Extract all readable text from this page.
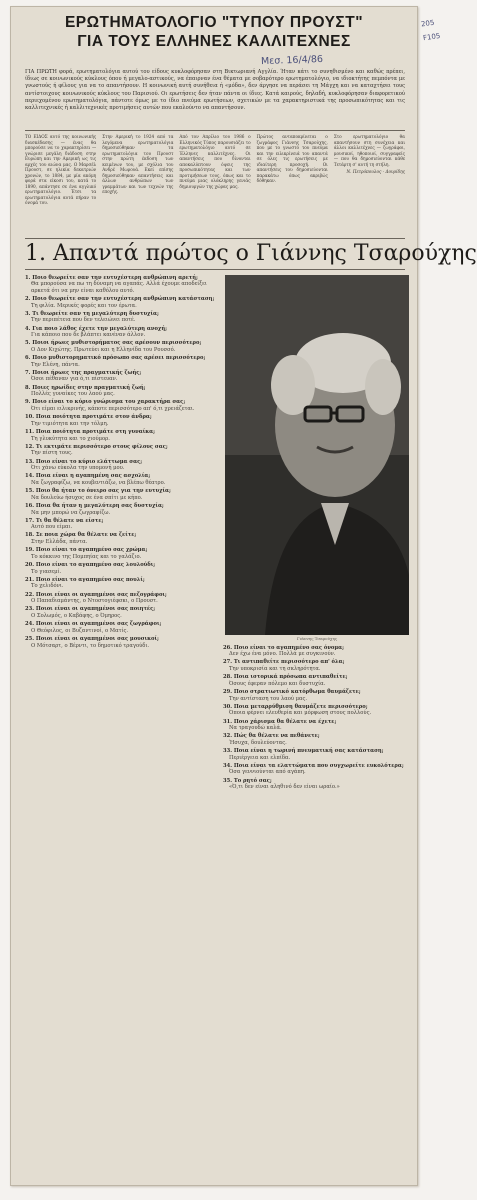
ΕΡΩΤΗΜΑΤΟΛΟΓΙΟ "ΤΥΠΟΥ ΠΡΟΥΣΤ"
ΓΙΑ ΤΟΥΣ ΕΛΛΗΝΕΣ ΚΑΛΛΙΤΕΧΝΕΣ
Μεσ. 16/4/86
ΓΙΑ ΠΡΩΤΗ φορά, ερωτηματολόγια αυτού του είδους κυκλοφόρησαν στη Βικτωριανή Αγγλία. Ήταν κάτι το συνηθισμένο και καθώς πρέπει, ίδιως σε κοινωνικούς κύκλους όπου ή μεγαλο-αστικούς, να έπαιρναν ένα θέματα με σοβαρότερο ερωτηματολόγιο, να ιδιοκτήτης πεμπόντα με γνωστούς ή φίλους για να το απαντήσουν. Η κοινωνική αυτή συνήθεια ή «μόδα», δεν άργησε να περάσει τη Μάγχη και να καταχτήσει τους αντίστοιχους κοινωνικούς κύκλους του Παρισιού. Οι ερωτήσεις δεν ήταν πάντα οι ίδιες. Κατά καιρούς, δηλαδή, κυκλοφόρησαν διαφορετικού περιεχομένου ερωτηματολόγια, πάντοτε όμως με το ίδιο πνεύμα ερωτήσεων, σχετικών με τα χαρακτηριστικά της προσωπικότητας και τις καλλιτεχνικές ή καλλιτεχνικές προτιμήσεις αυτών που εκαλούντο να απαντήσουν.
ΤΟ ΕΙΔΟΣ αυτό της κοινωνικής διασκέδασης — ένας θα μπορούσε να το χαρακτηρίσει — γνώρισε μεγάλη διάδοση στην Ευρώπη και την Αμερική ως τις αρχές του αιώνα μας. Ο Μαρσέλ Προυστ, σε ηλικία δεκατριών χρονών, το 1884, με μία ακόμη φορά στα είκοσι του, κατά το 1890, απάντησε σε ένα αγγλικό ερωτηματολόγιο. Έτσι τα ερωτηματολόγια αυτά πήραν το όνομά του.
Στην Αμερική το 1924 από τα λεγόμενα ερωτηματολόγια δημοσιεύθηκαν τα ερωτηματολόγια του Προυστ στην πρώτη έκδοση των κειμένων του, με σχόλια του Ανδρέ Μωρουά. Εκεί επίσης δημοσιεύθηκαν απαντήσεις και άλλων ανθρώπων των γραμμάτων και των τεχνών της εποχής.
Από τον Απρίλιο του 1986 ο Ελληνικός Τύπος παρουσιάζει το ερωτηματολόγιο αυτό σε Έλληνες καλλιτέχνες. Οι απαντήσεις που δίνονται αποκαλύπτουν όψεις της προσωπικότητας και των προτιμήσεων τους, όπως και το πνεύμα μιας ολόκληρης γενιάς δημιουργών της χώρας μας.
Πρώτος ανταποκρίνεται ο ζωγράφος Γιάννης Τσαρούχης, που με το γνωστό του πνεύμα και την ειλικρίνειά του απαντά σε όλες τις ερωτήσεις με ιδιαίτερη προσοχή. Οι απαντήσεις του δημοσιεύονται παρακάτω όπως ακριβώς δόθηκαν.
Στο ερωτηματολόγιο θα απαντήσουν στη συνέχεια και άλλοι καλλιτέχνες — ζωγράφοι, μουσικοί, ηθοποιοί, συγγραφείς — που θα δημοσιεύονται κάθε Τετάρτη σ' αυτή τη στήλη.
Ν. Πετρόπουλος - Δουρίδης
1. Απαντά πρώτος ο Γιάννης Τσαρούχης
1. Ποιο θεωρείτε σαν την ευτυχέστερη ανθρώπινη αρετή;
Θα μπορούσα να πω τη δύναμη να αγαπάς. Αλλά έχουμε αποδείξει αρκετά ότι να μην είναι καθόλου αυτό.
2. Ποιο θεωρείτε σαν την ευτυχέστερη ανθρώπινη κατάσταση;
Τη φιλία. Μερικές φορές και τον έρωτα.
3. Τι θεωρείτε σαν τη μεγαλύτερη δυστυχία;
Την περιπέτεια που δεν τελειώνει ποτέ.
4. Για ποιο λάθος έχετε την μεγαλύτερη ανοχή;
Για κάποιο που δε βλάπτει κανέναν άλλον.
5. Ποιοι ήρωες μυθιστορήματος σας αρέσουν περισσότερο;
Ο Δον Κιχώτης. Πρωτεύει και η Ελληνίδα του Ρουσσό.
6. Ποιο μυθιστορηματικό πρόσωπο σας αρέσει περισσότερο;
Την Ελένη, πάντα.
7. Ποιοι ήρωες της πραγματικής ζωής;
Όσοι πέθαναν για ό,τι πίστευαν.
8. Ποιες ηρωίδες στην πραγματική ζωή;
Πολλές γυναίκες του λαού μας.
9. Ποιο είναι το κύριο γνώρισμα του χαρακτήρα σας;
Ότι είμαι ειλικρινής, κάποτε περισσότερο απ' ό,τι χρειάζεται.
10. Ποια ποιότητα προτιμάτε στον άνδρα;
Την τιμιότητα και την τόλμη.
11. Ποια ποιότητα προτιμάτε στη γυναίκα;
Τη γλυκύτητα και το χιούμορ.
12. Τι εκτιμάτε περισσότερο στους φίλους σας;
Την πίστη τους.
13. Ποιο είναι το κύριο ελάττωμα σας;
Ότι χάνω εύκολα την υπομονή μου.
14. Ποια είναι η αγαπημένη σας ασχολία;
Να ζωγραφίζω, να κουβεντιάζω, να βλέπω θέατρο.
15. Ποιο θα ήταν το όνειρο σας για την ευτυχία;
Να δουλεύω ήσυχος σε ένα σπίτι με κήπο.
16. Ποια θα ήταν η μεγαλύτερη σας δυστυχία;
Να μην μπορώ να ζωγραφίζω.
17. Τι θα θέλατε να είστε;
Αυτό που είμαι.
18. Σε ποια χώρα θα θέλατε να ζείτε;
Στην Ελλάδα, πάντα.
19. Ποιο είναι το αγαπημένο σας χρώμα;
Το κόκκινο της Πομπηίας και το γαλάζιο.
20. Ποιο είναι το αγαπημένο σας λουλούδι;
Το γιασεμί.
21. Ποιο είναι το αγαπημένο σας πουλί;
Το χελιδόνι.
22. Ποιοι είναι οι αγαπημένοι σας πεζογράφοι;
Ο Παπαδιαμάντης, ο Ντοστογιέφσκι, ο Προυστ.
23. Ποιοι είναι οι αγαπημένοι σας ποιητές;
Ο Σολωμός, ο Καβάφης, ο Όμηρος.
24. Ποιοι είναι οι αγαπημένοι σας ζωγράφοι;
Ο Θεόφιλος, οι Βυζαντινοί, ο Ματίς.
25. Ποιοι είναι οι αγαπημένοι σας μουσικοί;
Ο Μότσαρτ, ο Βέρντι, το δημοτικό τραγούδι.
Γιάννης Τσαρούχης
26. Ποιο είναι το αγαπημένο σας όνομα;
Δεν έχω ένα μόνο. Πολλά με συγκινούν.
27. Τι αντιπαθείτε περισσότερο απ' όλα;
Την υποκρισία και τη σκληρότητα.
28. Ποια ιστορικά πρόσωπα αντιπαθείτε;
Όσους έφεραν πόλεμο και δυστυχία.
29. Ποιο στρατιωτικό κατόρθωμα θαυμάζετε;
Την αντίσταση του λαού μας.
30. Ποια μεταρρύθμιση θαυμάζετε περισσότερο;
Όποια φέρνει ελευθερία και μόρφωση στους πολλούς.
31. Ποιο χάρισμα θα θέλατε να έχετε;
Να τραγουδώ καλά.
32. Πώς θα θέλατε να πεθάνετε;
Ήσυχα, δουλεύοντας.
33. Ποια είναι η τωρινή πνευματική σας κατάσταση;
Περιέργεια και ελπίδα.
34. Ποια είναι τα ελαττώματα που συγχωρείτε ευκολότερα;
Όσα γεννιούνται από αγάπη.
35. Το ρητό σας;
«Ό,τι δεν είναι αληθινό δεν είναι ωραίο.»
205
F105
